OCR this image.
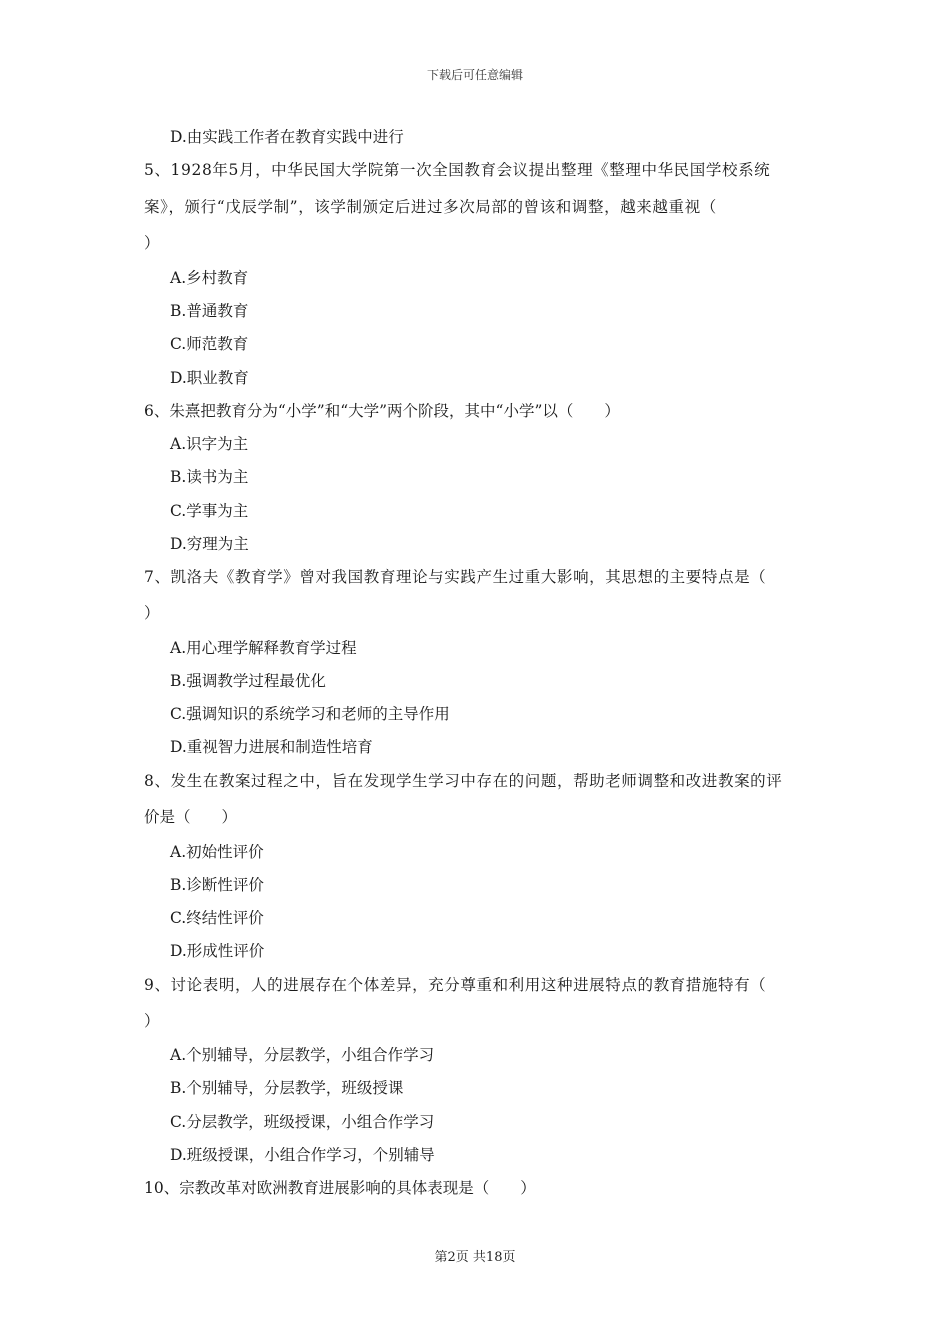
下载后可任意编辑
D.由实践工作者在教育实践中进行
5、1928年5月，中华民国大学院第一次全国教育会议提出整理《整理中华民国学校系统
案》，颁行“戊辰学制”，该学制颁定后进过多次局部的曾该和调整，越来越重视（
）
A.乡村教育
B.普通教育
C.师范教育
D.职业教育
6、朱熹把教育分为“小学”和“大学”两个阶段，其中“小学”以（　　）
A.识字为主
B.读书为主
C.学事为主
D.穷理为主
7、凯洛夫《教育学》曾对我国教育理论与实践产生过重大影响，其思想的主要特点是（
）
A.用心理学解释教育学过程
B.强调教学过程最优化
C.强调知识的系统学习和老师的主导作用
D.重视智力进展和制造性培育
8、发生在教案过程之中，旨在发现学生学习中存在的问题，帮助老师调整和改进教案的评
价是（　　）
A.初始性评价
B.诊断性评价
C.终结性评价
D.形成性评价
9、讨论表明，人的进展存在个体差异，充分尊重和利用这种进展特点的教育措施特有（
）
A.个别辅导，分层教学，小组合作学习
B.个别辅导，分层教学，班级授课
C.分层教学，班级授课，小组合作学习
D.班级授课，小组合作学习，个别辅导
10、宗教改革对欧洲教育进展影响的具体表现是（　　）
第2页 共18页
